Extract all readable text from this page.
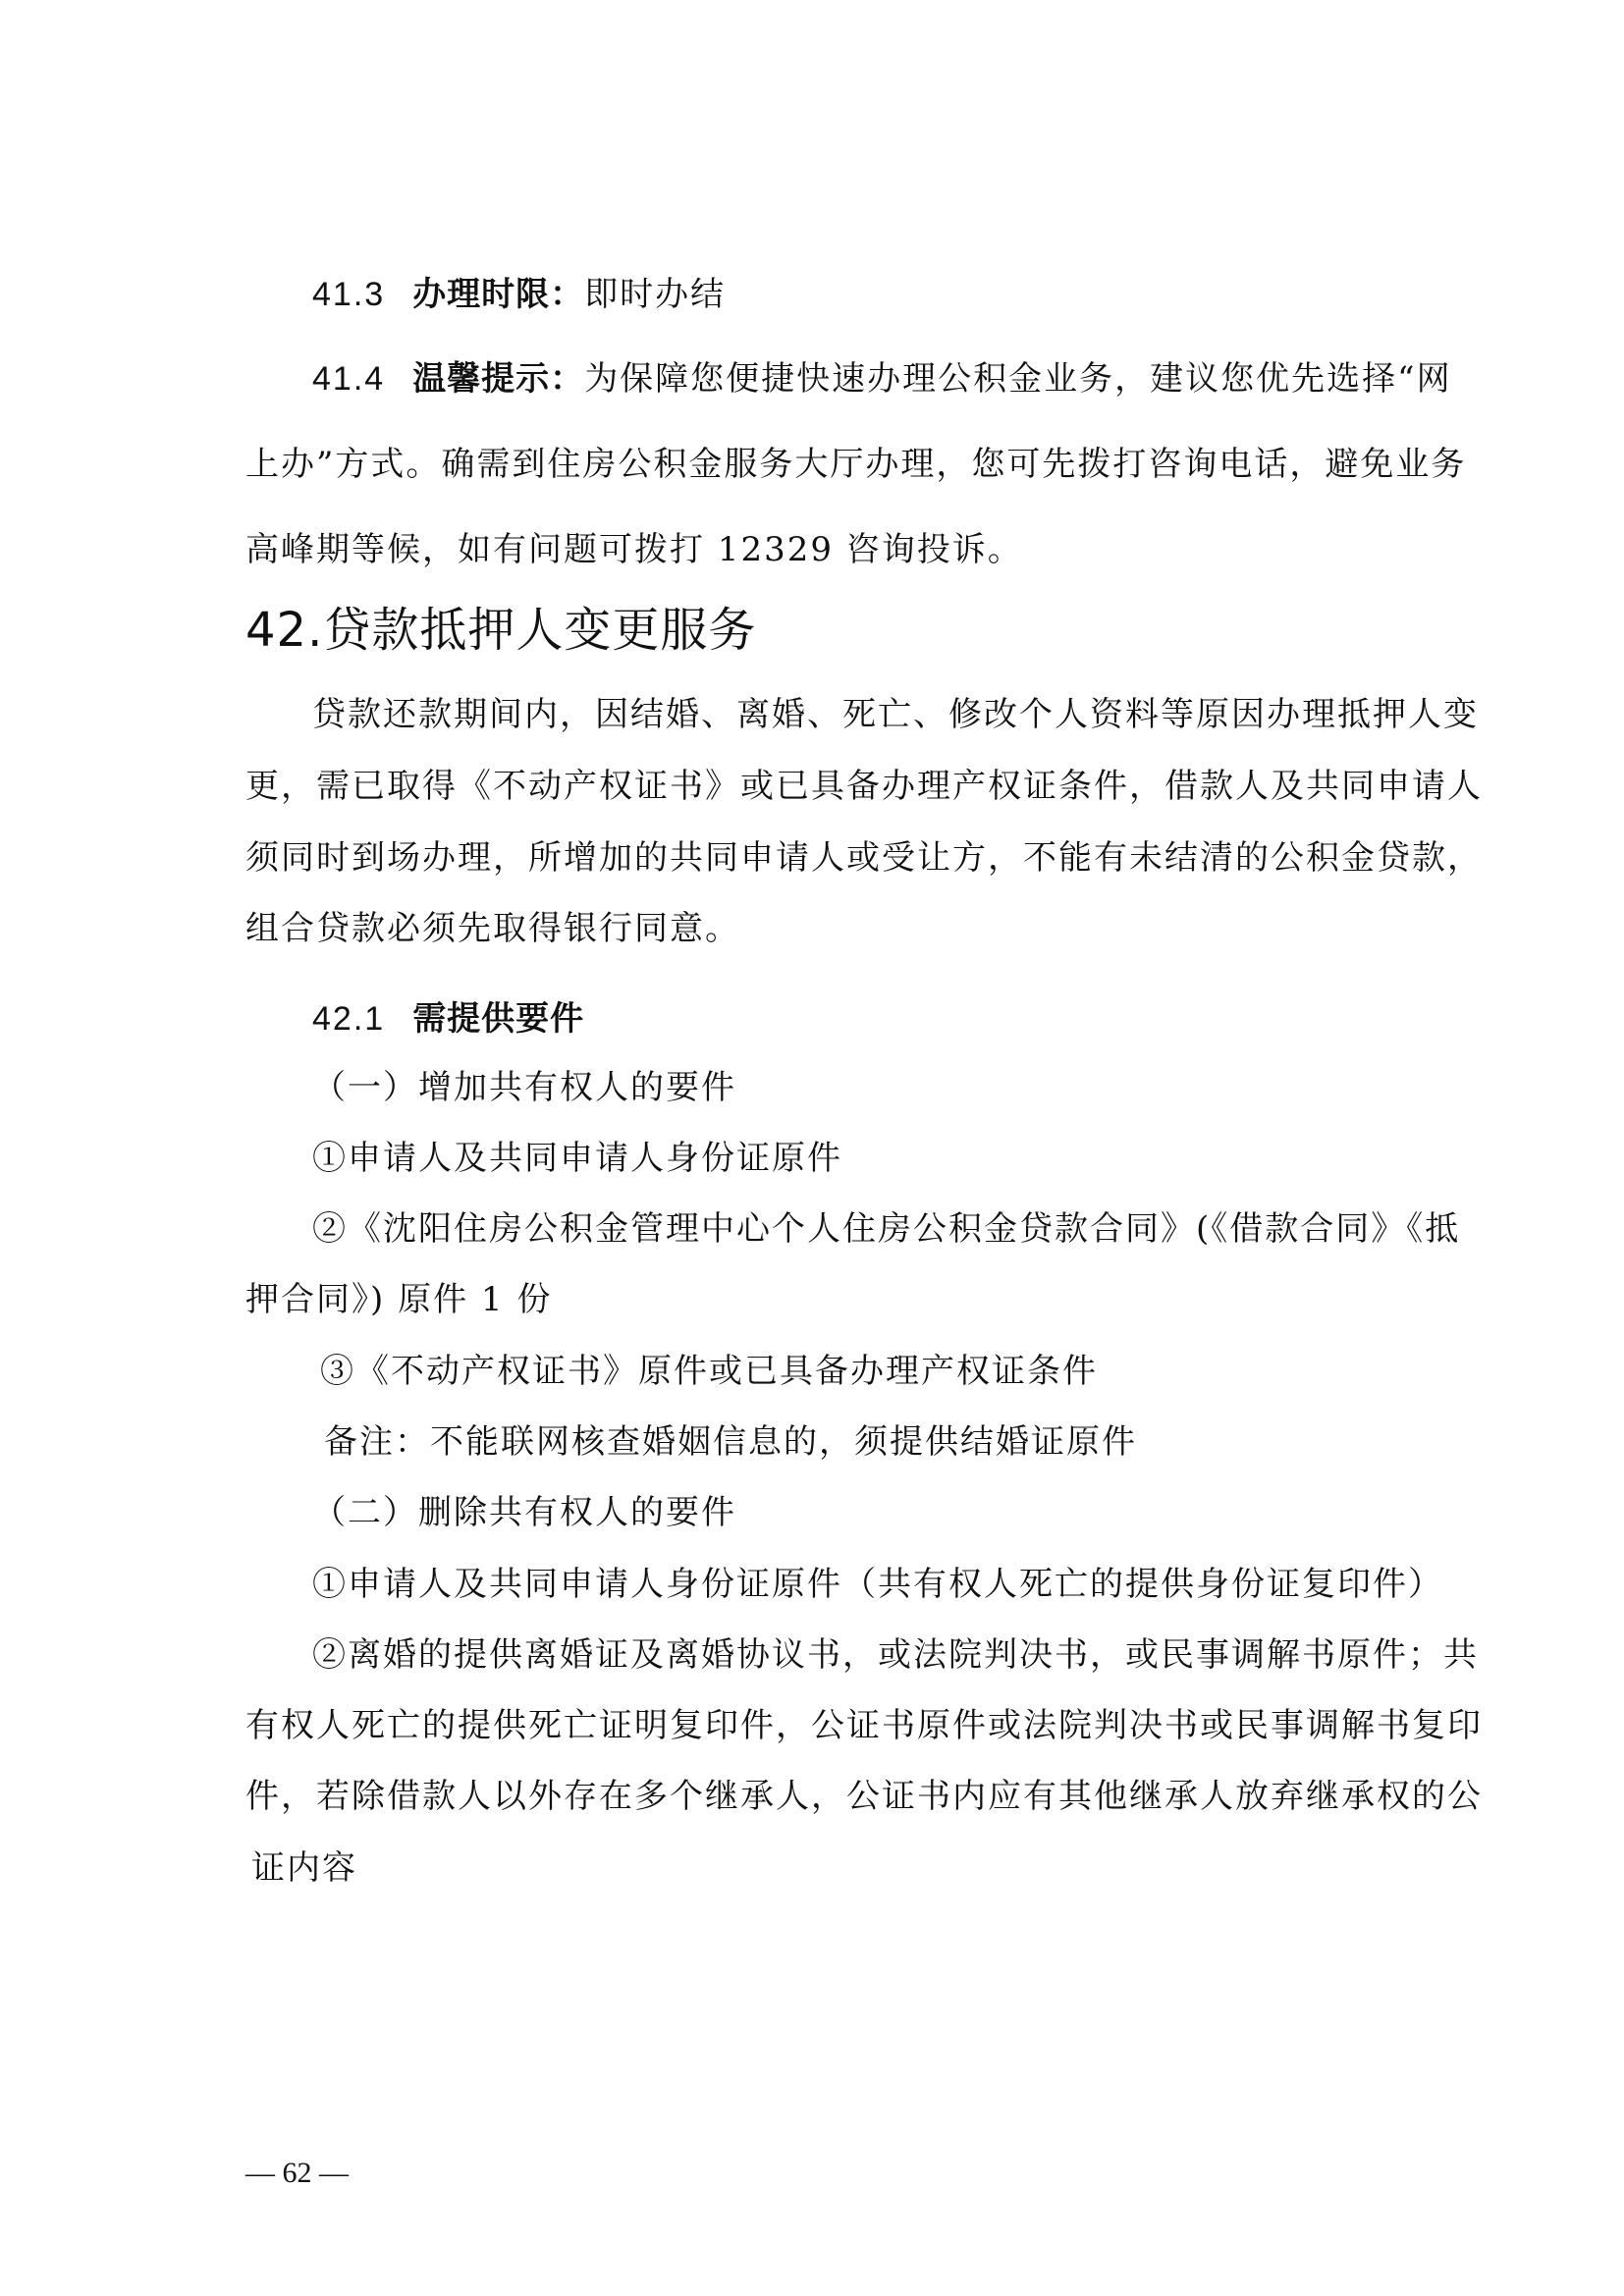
41.3 办理时限：即时办结
41.4 温馨提示：为保障您便捷快速办理公积金业务，建议您优先选择“网
上办”方式。确需到住房公积金服务大厅办理，您可先拨打咨询电话，避免业务
高峰期等候，如有问题可拨打 12329 咨询投诉。
42.贷款抵押人变更服务
贷款还款期间内，因结婚、离婚、死亡、修改个人资料等原因办理抵押人变
更，需已取得《不动产权证书》或已具备办理产权证条件，借款人及共同申请人
须同时到场办理，所增加的共同申请人或受让方，不能有未结清的公积金贷款，
组合贷款必须先取得银行同意。
42.1 需提供要件
（一）增加共有权人的要件
①申请人及共同申请人身份证原件
②《沈阳住房公积金管理中心个人住房公积金贷款合同》(《借款合同》《抵
押合同》) 原件 1 份
③《不动产权证书》原件或已具备办理产权证条件
备注：不能联网核查婚姻信息的，须提供结婚证原件
（二）删除共有权人的要件
①申请人及共同申请人身份证原件（共有权人死亡的提供身份证复印件）
②离婚的提供离婚证及离婚协议书，或法院判决书，或民事调解书原件；共
有权人死亡的提供死亡证明复印件，公证书原件或法院判决书或民事调解书复印
件，若除借款人以外存在多个继承人，公证书内应有其他继承人放弃继承权的公
证内容
— 62 —
